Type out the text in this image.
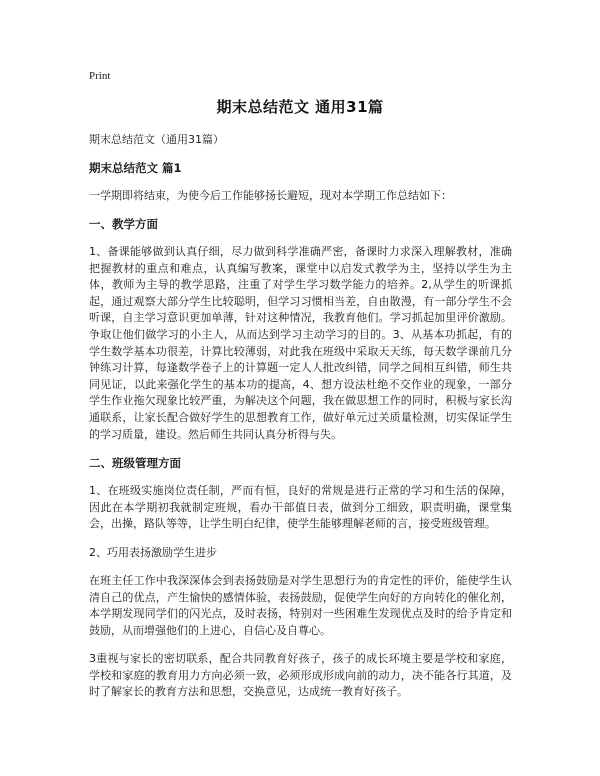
Print
期末总结范文 通用31篇

期末总结范文（通用31篇）

期末总结范文 篇1

一学期即将结束，为使今后工作能够扬长避短，现对本学期工作总结如下：

一、教学方面

1、备课能够做到认真仔细，尽力做到科学准确严密，备课时力求深入理解教材，准确把握教材的重点和难点，认真编写教案，课堂中以启发式教学为主，坚持以学生为主体，教师为主导的教学思路，注重了对学生学习数学能力的培养。2,从学生的听课抓起，通过观察大部分学生比较聪明，但学习习惯相当差，自由散漫，有一部分学生不会听课，自主学习意识更加单薄，针对这种情况，我教育他们。学习抓起加里评价激励。争取让他们做学习的小主人，从而达到学习主动学习的目的。3、从基本功抓起，有的学生数学基本功很差，计算比较薄弱，对此我在班级中采取天天练，每天数学课前几分钟练习计算，每逢数学卷子上的计算题一定人人批改纠错，同学之间相互纠错，师生共同见证，以此来强化学生的基本功的提高，4、想方设法杜绝不交作业的现象，一部分学生作业拖欠现象比较严重，为解决这个问题，我在做思想工作的同时，积极与家长沟通联系，让家长配合做好学生的思想教育工作，做好单元过关质量检测，切实保证学生的学习质量，建设。然后师生共同认真分析得与失。

二、班级管理方面

1、在班级实施岗位责任制，严而有恒，良好的常规是进行正常的学习和生活的保障，因此在本学期初我就制定班规，看办干部值日表，做到分工细致，职责明确，课堂集会，出操，路队等等，让学生明白纪律，使学生能够理解老师的言，接受班级管理。

2、巧用表扬激励学生进步

在班主任工作中我深深体会到表扬鼓励是对学生思想行为的肯定性的评价，能使学生认清自己的优点，产生愉快的感情体验，表扬鼓励，促使学生向好的方向转化的催化剂，本学期发现同学们的闪光点，及时表扬，特别对一些困难生发现优点及时的给予肯定和鼓励，从而增强他们的上进心，自信心及自尊心。

3重视与家长的密切联系，配合共同教育好孩子，孩子的成长环境主要是学校和家庭，学校和家庭的教育用力方向必须一致，必须形成形成向前的动力，决不能各行其道，及时了解家长的教育方法和思想，交换意见，达成统一教育好孩子。
